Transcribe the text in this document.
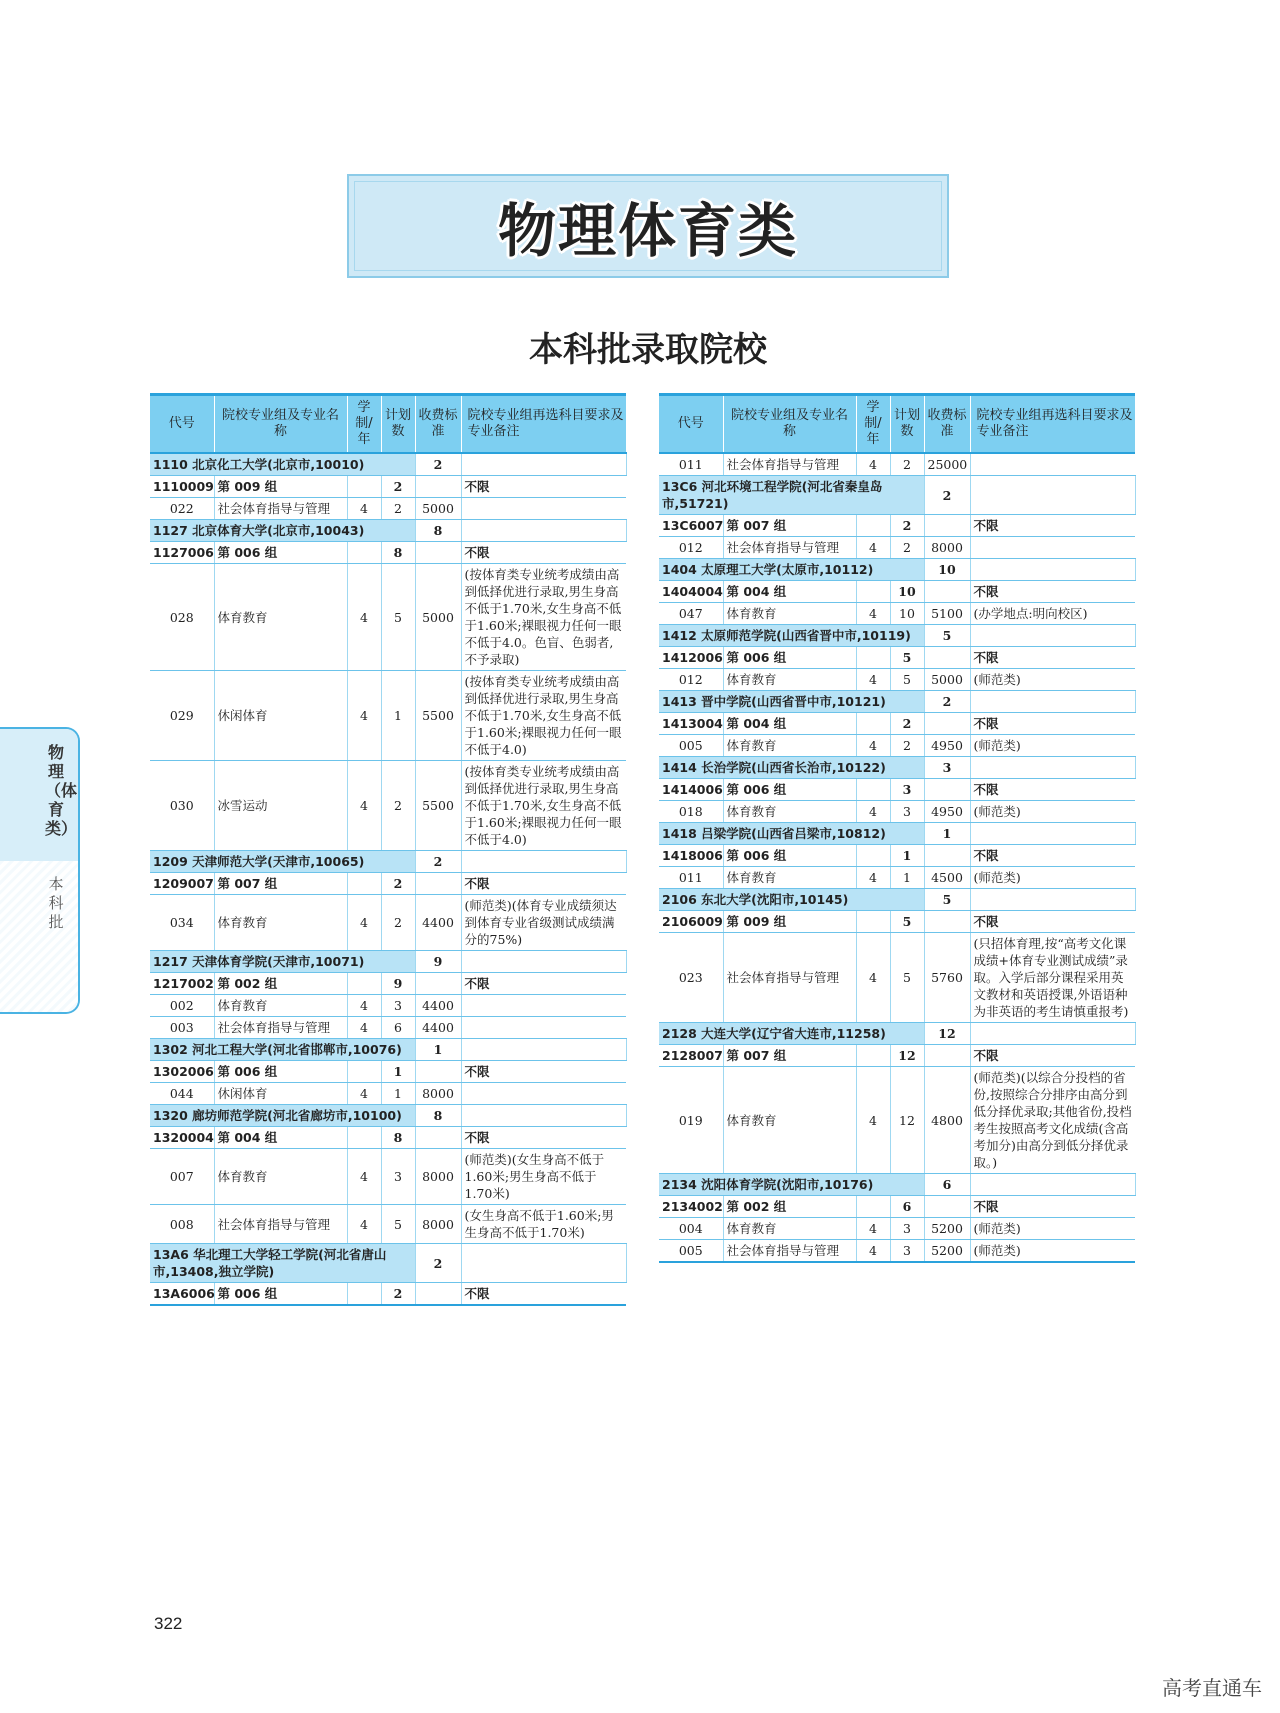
物理体育类
本科批录取院校
物理（体育类）
本科批
代号	院校专业组及专业名称	学制/年	计划数	收费标准	院校专业组再选科目要求及专业备注	
1110 北京化工大学(北京市,10010)				2		
1110009	第 009 组		2		不限	
022	社会体育指导与管理	4	2	5000		
1127 北京体育大学(北京市,10043)				8		
1127006	第 006 组		8		不限	
028	体育教育	4	5	5000	(按体育类专业统考成绩由高到低择优进行录取,男生身高不低于1.70米,女生身高不低于1.60米;裸眼视力任何一眼不低于4.0。色盲、色弱者,不予录取)	
029	休闲体育	4	1	5500	(按体育类专业统考成绩由高到低择优进行录取,男生身高不低于1.70米,女生身高不低于1.60米;裸眼视力任何一眼不低于4.0)	
030	冰雪运动	4	2	5500	(按体育类专业统考成绩由高到低择优进行录取,男生身高不低于1.70米,女生身高不低于1.60米;裸眼视力任何一眼不低于4.0)	
1209 天津师范大学(天津市,10065)				2		
1209007	第 007 组		2		不限	
034	体育教育	4	2	4400	(师范类)(体育专业成绩须达到体育专业省级测试成绩满分的75%)	
1217 天津体育学院(天津市,10071)				9		
1217002	第 002 组		9		不限	
002	体育教育	4	3	4400		
003	社会体育指导与管理	4	6	4400		
1302 河北工程大学(河北省邯郸市,10076)				1		
1302006	第 006 组		1		不限	
044	休闲体育	4	1	8000		
1320 廊坊师范学院(河北省廊坊市,10100)				8		
1320004	第 004 组		8		不限	
007	体育教育	4	3	8000	(师范类)(女生身高不低于1.60米;男生身高不低于1.70米)	
008	社会体育指导与管理	4	5	8000	(女生身高不低于1.60米;男生身高不低于1.70米)	
13A6 华北理工大学轻工学院(河北省唐山市,13408,独立学院)				2		
13A6006	第 006 组		2		不限	
代号	院校专业组及专业名称	学制/年	计划数	收费标准	院校专业组再选科目要求及专业备注	
011	社会体育指导与管理	4	2	25000		
13C6 河北环境工程学院(河北省秦皇岛市,51721)				2		
13C6007	第 007 组		2		不限	
012	社会体育指导与管理	4	2	8000		
1404 太原理工大学(太原市,10112)				10		
1404004	第 004 组		10		不限	
047	体育教育	4	10	5100	(办学地点:明向校区)	
1412 太原师范学院(山西省晋中市,10119)				5		
1412006	第 006 组		5		不限	
012	体育教育	4	5	5000	(师范类)	
1413 晋中学院(山西省晋中市,10121)				2		
1413004	第 004 组		2		不限	
005	体育教育	4	2	4950	(师范类)	
1414 长治学院(山西省长治市,10122)				3		
1414006	第 006 组		3		不限	
018	体育教育	4	3	4950	(师范类)	
1418 吕梁学院(山西省吕梁市,10812)				1		
1418006	第 006 组		1		不限	
011	体育教育	4	1	4500	(师范类)	
2106 东北大学(沈阳市,10145)				5		
2106009	第 009 组		5		不限	
023	社会体育指导与管理	4	5	5760	(只招体育理,按“高考文化课成绩+体育专业测试成绩”录取。入学后部分课程采用英文教材和英语授课,外语语种为非英语的考生请慎重报考)	
2128 大连大学(辽宁省大连市,11258)				12		
2128007	第 007 组		12		不限	
019	体育教育	4	12	4800	(师范类)(以综合分投档的省份,按照综合分排序由高分到低分择优录取;其他省份,投档考生按照高考文化成绩(含高考加分)由高分到低分择优录取。)	
2134 沈阳体育学院(沈阳市,10176)				6		
2134002	第 002 组		6		不限	
004	体育教育	4	3	5200	(师范类)	
005	社会体育指导与管理	4	3	5200	(师范类)	
322
高考直通车
